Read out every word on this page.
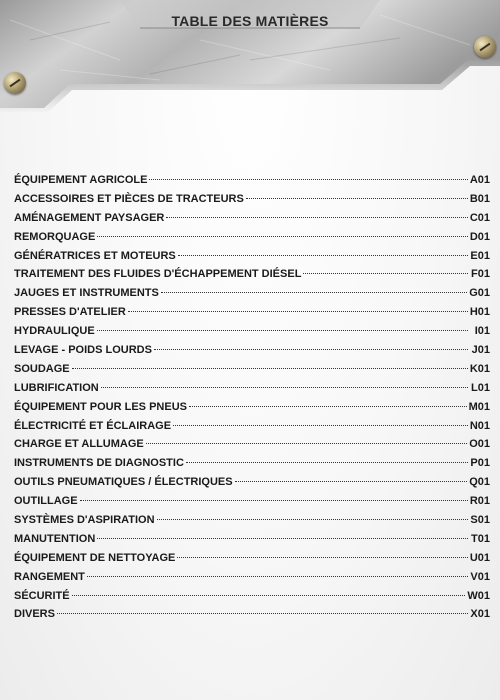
TABLE DES MATIÈRES
ÉQUIPEMENT AGRICOLE	A01
ACCESSOIRES ET PIÈCES DE TRACTEURS	B01
AMÉNAGEMENT PAYSAGER	C01
REMORQUAGE	D01
GÉNÉRATRICES ET MOTEURS	E01
TRAITEMENT DES FLUIDES D'ÉCHAPPEMENT DIÉSEL	F01
JAUGES ET INSTRUMENTS	G01
PRESSES D'ATELIER	H01
HYDRAULIQUE	I01
LEVAGE - POIDS LOURDS	J01
SOUDAGE	K01
LUBRIFICATION	L01
ÉQUIPEMENT POUR LES PNEUS	M01
ÉLECTRICITÉ ET ÉCLAIRAGE	N01
CHARGE ET ALLUMAGE	O01
INSTRUMENTS DE DIAGNOSTIC	P01
OUTILS PNEUMATIQUES / ÉLECTRIQUES	Q01
OUTILLAGE	R01
SYSTÈMES D'ASPIRATION	S01
MANUTENTION	T01
ÉQUIPEMENT DE NETTOYAGE	U01
RANGEMENT	V01
SÉCURITÉ	W01
DIVERS	X01
